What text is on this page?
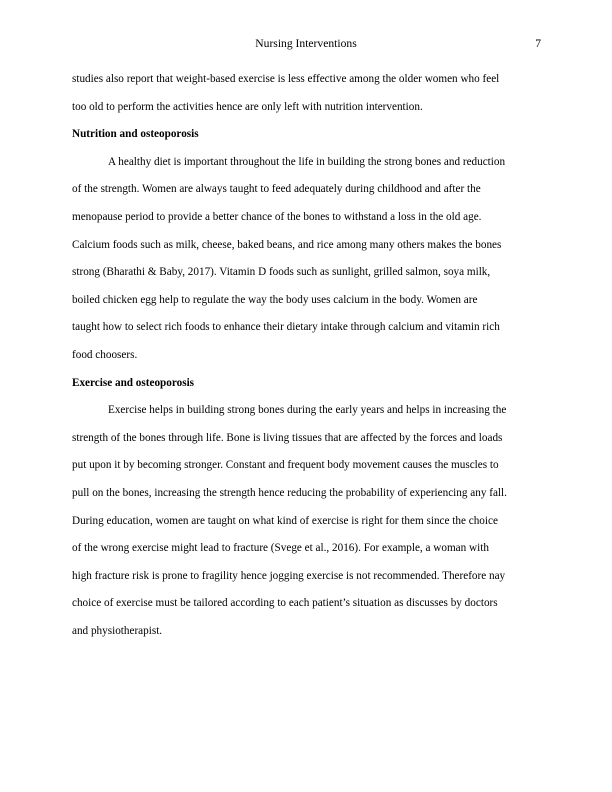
Nursing Interventions	7

studies also report that weight-based exercise is less effective among the older women who feel
too old to perform the activities hence are only left with nutrition intervention.

Nutrition and osteoporosis

A healthy diet is important throughout the life in building the strong bones and reduction
of the strength. Women are always taught to feed adequately during childhood and after the
menopause period to provide a better chance of the bones to withstand a loss in the old age.
Calcium foods such as milk, cheese, baked beans, and rice among many others makes the bones
strong (Bharathi & Baby, 2017). Vitamin D foods such as sunlight, grilled salmon, soya milk,
boiled chicken egg help to regulate the way the body uses calcium in the body. Women are
taught how to select rich foods to enhance their dietary intake through calcium and vitamin rich
food choosers.

Exercise and osteoporosis

Exercise helps in building strong bones during the early years and helps in increasing the
strength of the bones through life. Bone is living tissues that are affected by the forces and loads
put upon it by becoming stronger. Constant and frequent body movement causes the muscles to
pull on the bones, increasing the strength hence reducing the probability of experiencing any fall.
During education, women are taught on what kind of exercise is right for them since the choice
of the wrong exercise might lead to fracture (Svege et al., 2016). For example, a woman with
high fracture risk is prone to fragility hence jogging exercise is not recommended. Therefore nay
choice of exercise must be tailored according to each patient’s situation as discusses by doctors
and physiotherapist.
